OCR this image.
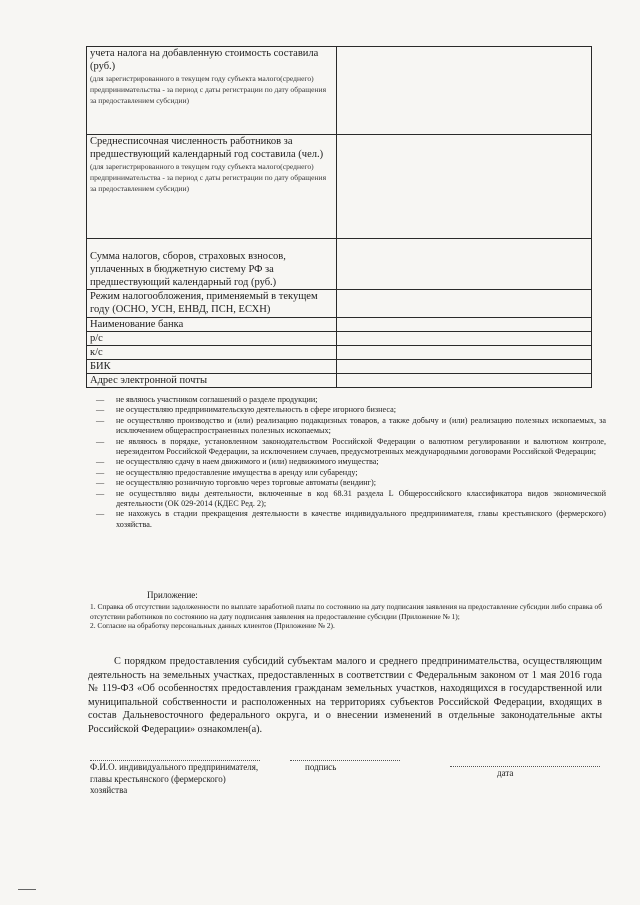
учета налога на добавленную стоимость составила (руб.)
(для зарегистрированного в текущем году субъекта малого(среднего) предпринимательства - за период с даты регистрации по дату обращения за предоставлением субсидии)	

Среднесписочная численность работников за предшествующий календарный год составила (чел.)
(для зарегистрированного в текущем году субъекта малого(среднего) предпринимательства - за период с даты регистрации по дату обращения за предоставлением субсидии)	

Сумма налогов, сборов, страховых взносов, уплаченных в бюджетную систему РФ за предшествующий календарный год (руб.)	

Режим налогообложения, применяемый в текущем году (ОСНО, УСН, ЕНВД, ПСН, ЕСХН)	

Наименование банка	

р/с	

к/с	

БИК	

Адрес электронной почты	

— не являюсь участником соглашений о разделе продукции;
— не осуществляю предпринимательскую деятельность в сфере игорного бизнеса;
— не осуществляю производство и (или) реализацию подакцизных товаров, а также добычу и (или) реализацию полезных ископаемых, за исключением общераспространенных полезных ископаемых;
— не являюсь в порядке, установленном законодательством Российской Федерации о валютном регулировании и валютном контроле, нерезидентом Российской Федерации, за исключением случаев, предусмотренных международными договорами Российской Федерации;
— не осуществляю сдачу в наем движимого и (или) недвижимого имущества;
— не осуществляю предоставление имущества в аренду или субаренду;
— не осуществляю розничную торговлю через торговые автоматы (вендинг);
— не осуществляю виды деятельности, включенные в код 68.31 раздела L Общероссийского классификатора видов экономической деятельности (ОК 029-2014 (КДЕС Ред. 2);
— не нахожусь в стадии прекращения деятельности в качестве индивидуального предпринимателя, главы крестьянского (фермерского) хозяйства.
Приложение:
1. Справка об отсутствии задолженности по выплате заработной платы по состоянию на дату подписания заявления на предоставление субсидии либо справка об отсутствии работников по состоянию на дату подписания заявления на предоставление субсидии (Приложение № 1);
2. Согласие на обработку персональных данных клиентов (Приложение № 2).

С порядком предоставления субсидий субъектам малого и среднего предпринимательства, осуществляющим деятельность на земельных участках, предоставленных в соответствии с Федеральным законом от 1 мая 2016 года № 119-ФЗ «Об особенностях предоставления гражданам земельных участков, находящихся в государственной или муниципальной собственности и расположенных на территориях субъектов Российской Федерации, входящих в состав Дальневосточного федерального округа, и о внесении изменений в отдельные законодательные акты Российской Федерации» ознакомлен(а).

Ф.И.О. индивидуального предпринимателя, главы крестьянского (фермерского) хозяйства
подпись
дата
